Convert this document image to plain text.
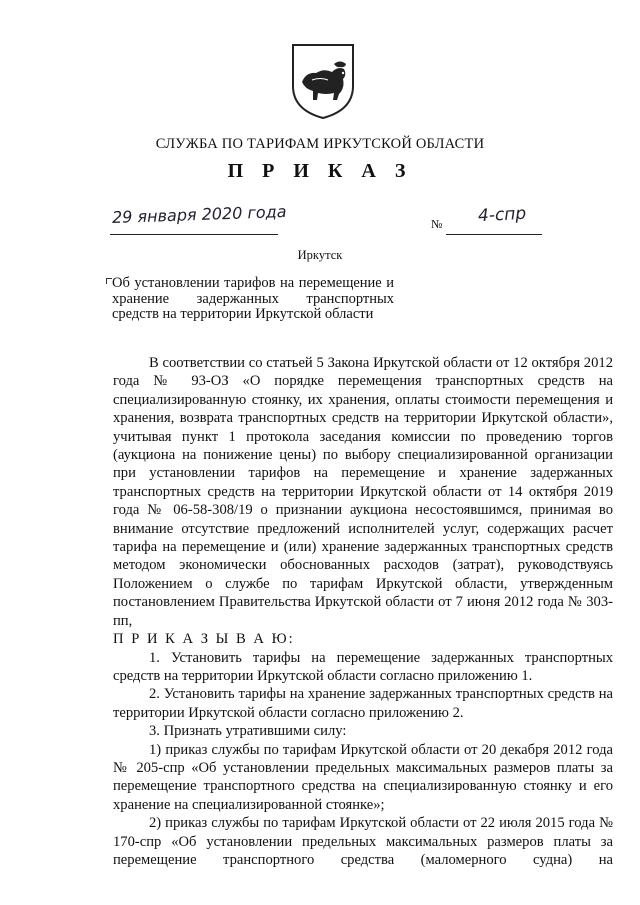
СЛУЖБА ПО ТАРИФАМ ИРКУТСКОЙ ОБЛАСТИ
П Р И К А З
29 января 2020 года	№ 4-спр
Иркутск
Об установлении тарифов на перемещение и хранение задержанных транспортных средств на территории Иркутской области

В соответствии со статьей 5 Закона Иркутской области от 12 октября 2012 года № 93-ОЗ «О порядке перемещения транспортных средств на специализированную стоянку, их хранения, оплаты стоимости перемещения и хранения, возврата транспортных средств на территории Иркутской области», учитывая пункт 1 протокола заседания комиссии по проведению торгов (аукциона на понижение цены) по выбору специализированной организации при установлении тарифов на перемещение и хранение задержанных транспортных средств на территории Иркутской области от 14 октября 2019 года № 06-58-308/19 о признании аукциона несостоявшимся, принимая во внимание отсутствие предложений исполнителей услуг, содержащих расчет тарифа на перемещение и (или) хранение задержанных транспортных средств методом экономически обоснованных расходов (затрат), руководствуясь Положением о службе по тарифам Иркутской области, утвержденным постановлением Правительства Иркутской области от 7 июня 2012 года № 303-пп,

П Р И К А З Ы В А Ю:

1. Установить тарифы на перемещение задержанных транспортных средств на территории Иркутской области согласно приложению 1.

2. Установить тарифы на хранение задержанных транспортных средств на территории Иркутской области согласно приложению 2.

3. Признать утратившими силу:

1) приказ службы по тарифам Иркутской области от 20 декабря 2012 года № 205-спр «Об установлении предельных максимальных размеров платы за перемещение транспортного средства на специализированную стоянку и его хранение на специализированной стоянке»;

2) приказ службы по тарифам Иркутской области от 22 июля 2015 года № 170-спр «Об установлении предельных максимальных размеров платы за перемещение транспортного средства (маломерного судна) на
